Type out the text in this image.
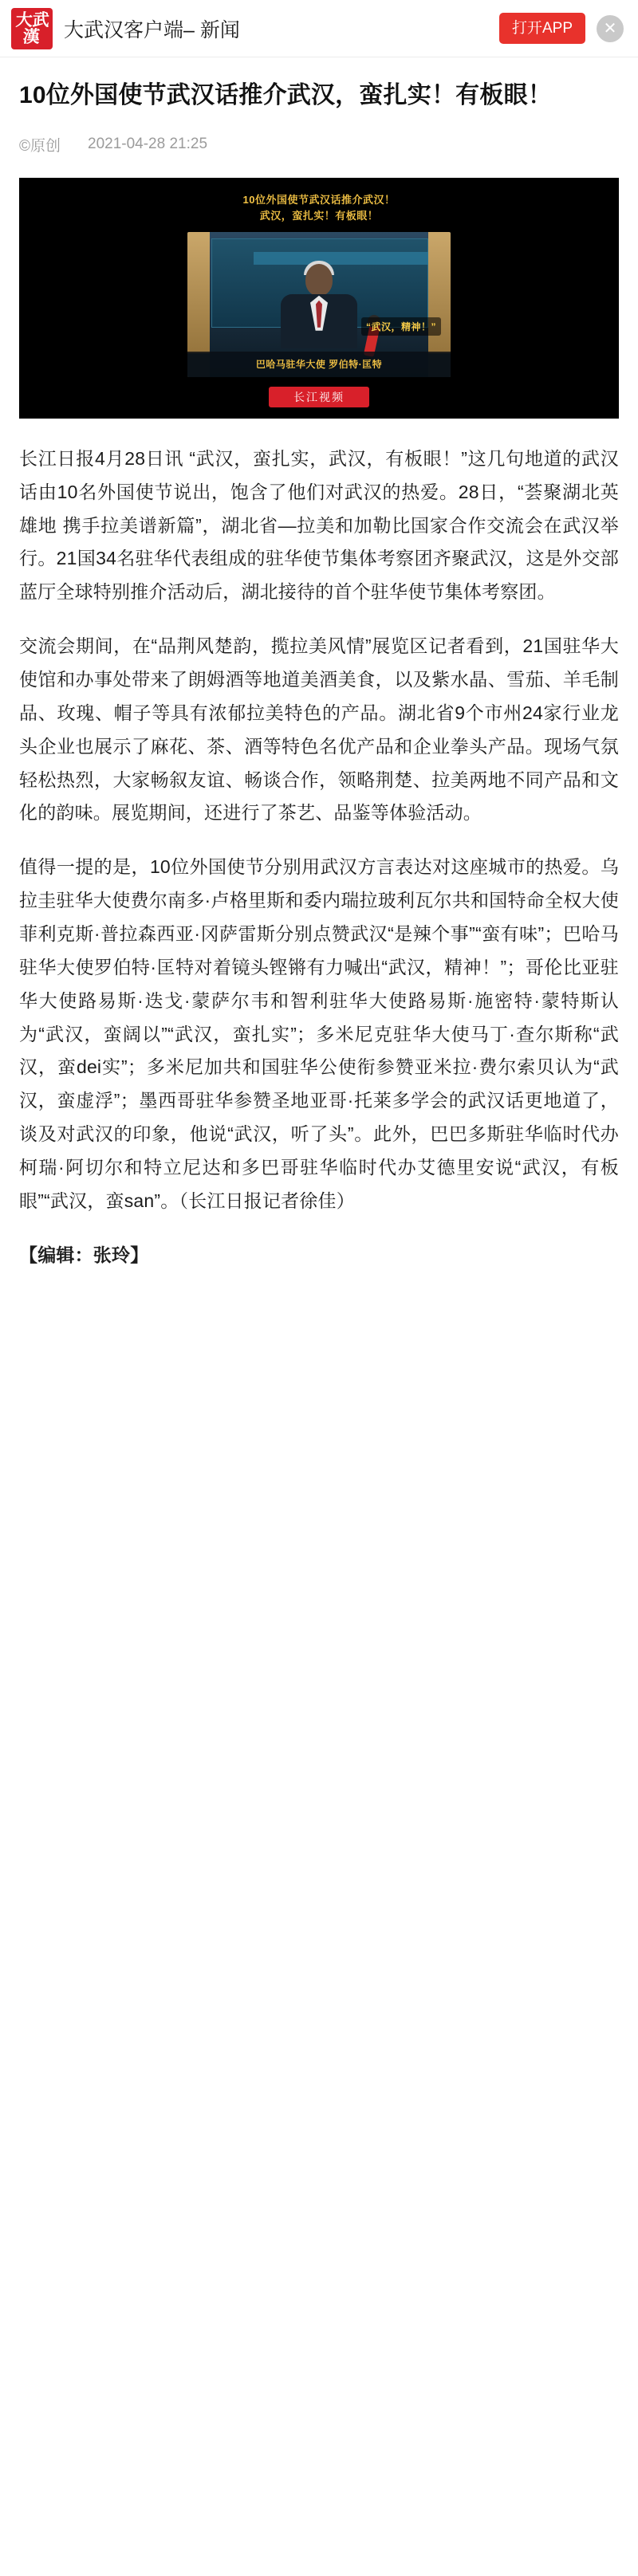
大武
漢	大武汉客户端– 新闻	打开APP	✕
10位外国使节武汉话推介武汉，蛮扎实！有板眼！
©原创 2021-04-28 21:25
10位外国使节武汉话推介武汉！
武汉，蛮扎实！有板眼！
“武汉，精神！”
巴哈马驻华大使 罗伯特·匡特
长江视频

长江日报4月28日讯 “武汉，蛮扎实，武汉，有板眼！”这几句地道的武汉话由10名外国使节说出，饱含了他们对武汉的热爱。28日，“荟聚湖北英雄地 携手拉美谱新篇”，湖北省—拉美和加勒比国家合作交流会在武汉举行。21国34名驻华代表组成的驻华使节集体考察团齐聚武汉，这是外交部蓝厅全球特别推介活动后，湖北接待的首个驻华使节集体考察团。

交流会期间，在“品荆风楚韵，揽拉美风情”展览区记者看到，21国驻华大使馆和办事处带来了朗姆酒等地道美酒美食，以及紫水晶、雪茄、羊毛制品、玫瑰、帽子等具有浓郁拉美特色的产品。湖北省9个市州24家行业龙头企业也展示了麻花、茶、酒等特色名优产品和企业拳头产品。现场气氛轻松热烈，大家畅叙友谊、畅谈合作，领略荆楚、拉美两地不同产品和文化的韵味。展览期间，还进行了茶艺、品鉴等体验活动。

值得一提的是，10位外国使节分别用武汉方言表达对这座城市的热爱。乌拉圭驻华大使费尔南多·卢格里斯和委内瑞拉玻利瓦尔共和国特命全权大使菲利克斯·普拉森西亚·冈萨雷斯分别点赞武汉“是辣个事”“蛮有味”；巴哈马驻华大使罗伯特·匡特对着镜头铿锵有力喊出“武汉，精神！”；哥伦比亚驻华大使路易斯·迭戈·蒙萨尔韦和智利驻华大使路易斯·施密特·蒙特斯认为“武汉，蛮阔以”“武汉，蛮扎实”；多米尼克驻华大使马丁·查尔斯称“武汉，蛮dei实”；多米尼加共和国驻华公使衔参赞亚米拉·费尔索贝认为“武汉，蛮虚浮”；墨西哥驻华参赞圣地亚哥·托莱多学会的武汉话更地道了，谈及对武汉的印象，他说“武汉，听了头”。此外，巴巴多斯驻华临时代办柯瑞·阿切尔和特立尼达和多巴哥驻华临时代办艾德里安说“武汉，有板眼”“武汉，蛮san”。（长江日报记者徐佳）

【编辑：张玲】
